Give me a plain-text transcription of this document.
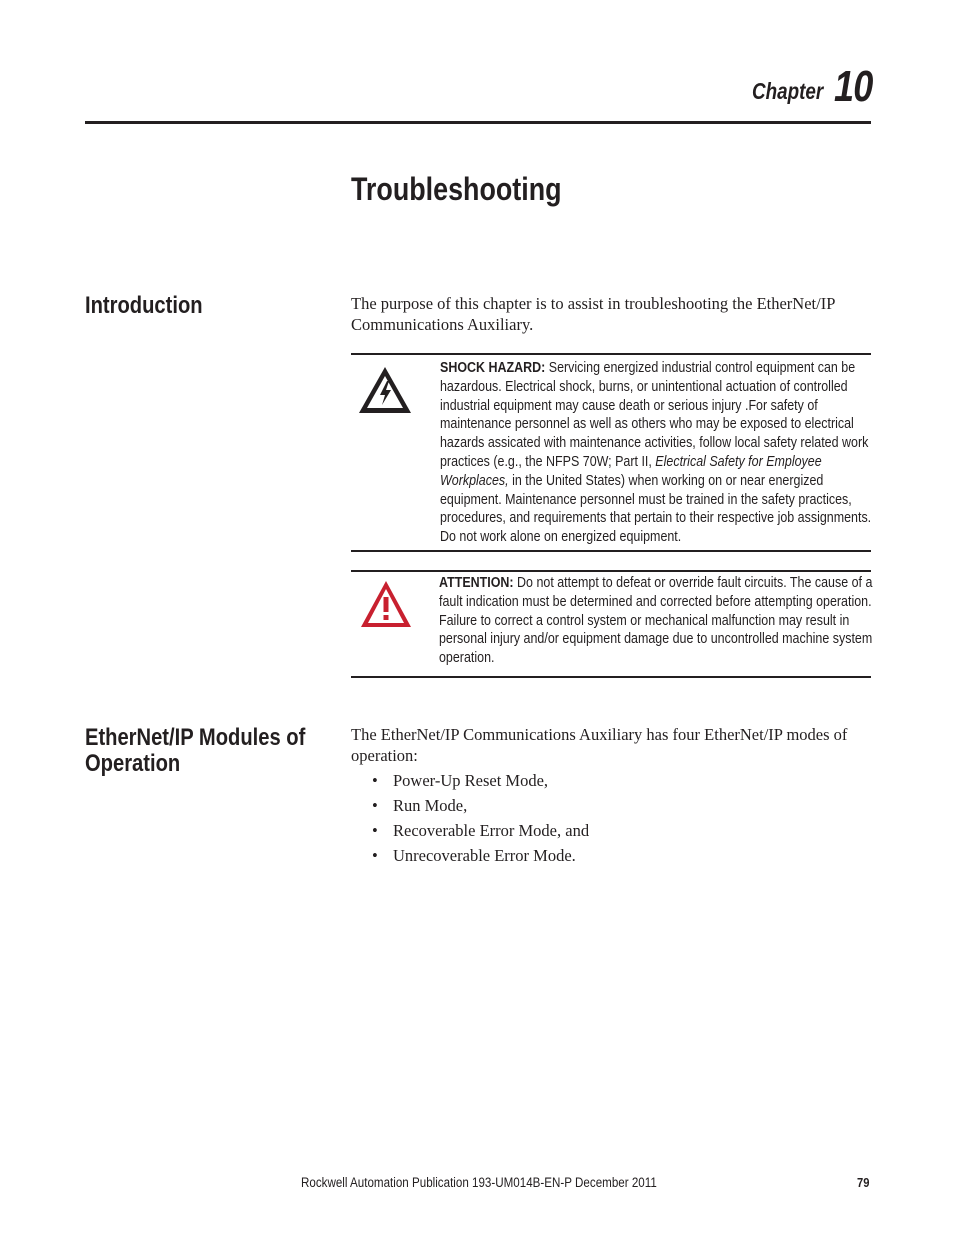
Chapter 10
Troubleshooting
Introduction	The purpose of this chapter is to assist in troubleshooting the EtherNet/IP Communications Auxiliary.
SHOCK HAZARD: Servicing energized industrial control equipment can be hazardous. Electrical shock, burns, or unintentional actuation of controlled industrial equipment may cause death or serious injury .For safety of maintenance personnel as well as others who may be exposed to electrical hazards assicated with maintenance activities, follow local safety related work practices (e.g., the NFPS 70W; Part II, Electrical Safety for Employee Workplaces, in the United States) when working on or near energized equipment. Maintenance personnel must be trained in the safety practices, procedures, and requirements that pertain to their respective job assignments. Do not work alone on energized equipment.
ATTENTION: Do not attempt to defeat or override fault circuits. The cause of a fault indication must be determined and corrected before attempting operation. Failure to correct a control system or mechanical malfunction may result in personal injury and/or equipment damage due to uncontrolled machine system operation.
EtherNet/IP Modules of
Operation
The EtherNet/IP Communications Auxiliary has four EtherNet/IP modes of operation:
• Power-Up Reset Mode,
• Run Mode,
• Recoverable Error Mode, and
• Unrecoverable Error Mode.
Rockwell Automation Publication 193-UM014B-EN-P December 2011	79
